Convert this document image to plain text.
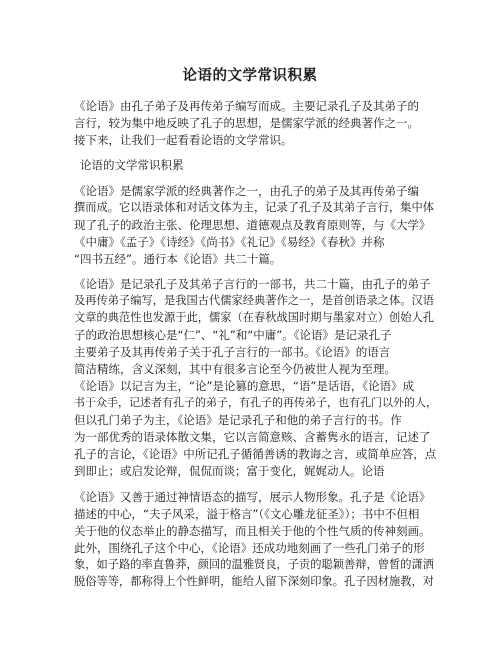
论语的文学常识积累
《论语》由孔子弟子及再传弟子编写而成。主要记录孔子及其弟子的
言行，较为集中地反映了孔子的思想，是儒家学派的经典著作之一。
接下来，让我们一起看看论语的文学常识。
论语的文学常识积累
《论语》是儒家学派的经典著作之一，由孔子的弟子及其再传弟子编
撰而成。它以语录体和对话文体为主，记录了孔子及其弟子言行，集中体
现了孔子的政治主张、伦理思想、道德观点及教育原则等，与《大学》
《中庸》《孟子》《诗经》《尚书》《礼记》《易经》《春秋》并称
“四书五经”。通行本《论语》共二十篇。
《论语》是记录孔子及其弟子言行的一部书，共二十篇，由孔子的弟子
及再传弟子编写，是我国古代儒家经典著作之一，是首创语录之体。汉语
文章的典范性也发源于此，儒家（在春秋战国时期与墨家对立）创始人孔
子的政治思想核心是“仁”、“礼”和“中庸”。《论语》是记录孔子
主要弟子及其再传弟子关于孔子言行的一部书。《论语》的语言
简洁精练，含义深刻，其中有很多言论至今仍被世人视为至理。
《论语》以记言为主，“论”是论篡的意思，“语”是话语，《论语》成
书于众手，记述者有孔子的弟子，有孔子的再传弟子，也有孔门以外的人，
但以孔门弟子为主，《论语》是记录孔子和他的弟子言行的书。作
为一部优秀的语录体散文集，它以言简意赅、含蓄隽永的语言，记述了
孔子的言论，《论语》中所记孔子循循善诱的教诲之言，或简单应答，点
到即止；或启发论辩，侃侃而谈；富于变化，娓娓动人。论语
《论语》又善于通过神情语态的描写，展示人物形象。孔子是《论语》
描述的中心，“夫子风采，溢于格言”（《文心雕龙征圣》）；书中不但相
关于他的仪态举止的静态描写，而且相关于他的个性气质的传神刻画。
此外，围绕孔子这个中心，《论语》还成功地刻画了一些孔门弟子的形
象，如子路的率直鲁莽，颜回的温雅贤良，子贡的聪颖善辩，曾皙的潇洒
脱俗等等，都称得上个性鲜明，能给人留下深刻印象。孔子因材施教，对
